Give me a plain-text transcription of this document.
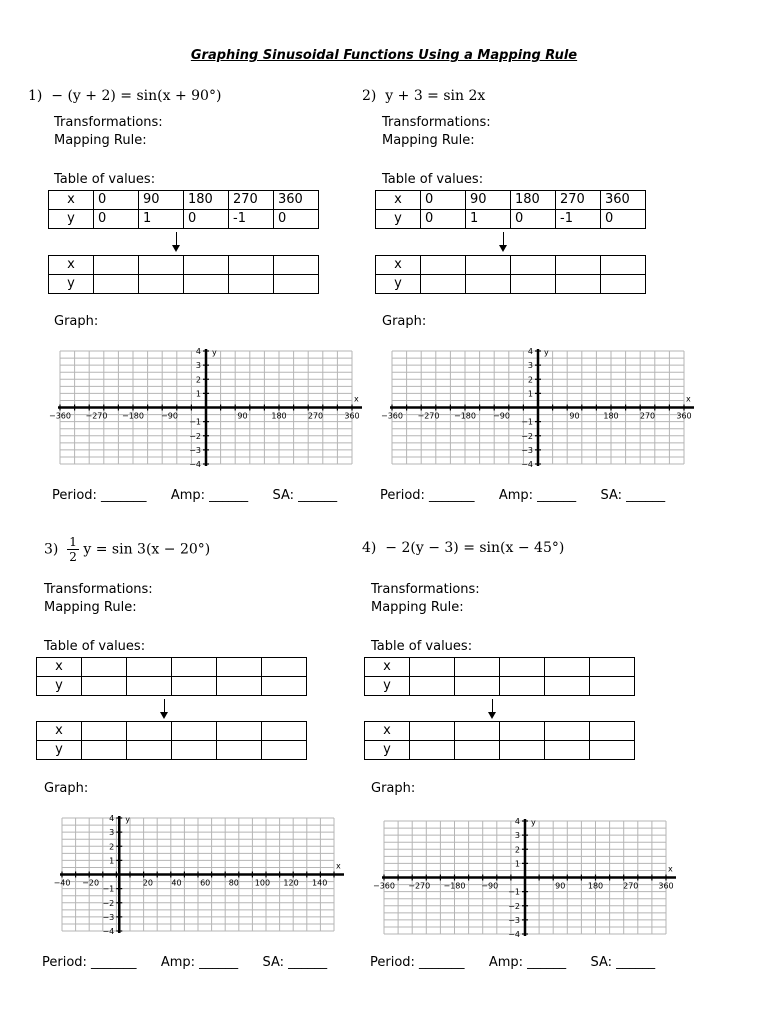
Graphing Sinusoidal Functions Using a Mapping Rule
1) − (y + 2) = sin(x + 90°)
Transformations:
Mapping Rule:
Table of values:
x	0	90	180	270	360
y	0	1	0	-1	0
x					
y					
Graph:
−360 −270 −180 −90	90	180	270	360
4
3
2
1
−1
−2
−3
−4
x
y
Period: _______ Amp: ______ SA: ______
2) y + 3 = sin 2x
Transformations:
Mapping Rule:
Table of values:
x	0	90	180	270	360
y	0	1	0	-1	0
x					
y					
Graph:
−360 −270 −180 −90	90	180	270	360
4
3
2
1
−1
−2
−3
−4
x
y
Period: _______ Amp: ______ SA: ______
$3) \frac{1}{2}$ y = sin 3(x − 20°)
Transformations:
Mapping Rule:
Table of values:
x					
y					
x					
y					
Graph:
−40 −20	20 40 60 80 100 120 140
4
3
2
1
−1
−2
−3
−4
x
y
Period: _______ Amp: ______ SA: ______
4) − 2(y − 3) = sin(x − 45°)
Transformations:
Mapping Rule:
Table of values:
x					
y					
x					
y					
Graph:
−360 −270 −180 −90	90	180 270 360
4
3
2
1
−1
−2
−3
−4
x
y
Period: _______ Amp: ______ SA: ______
